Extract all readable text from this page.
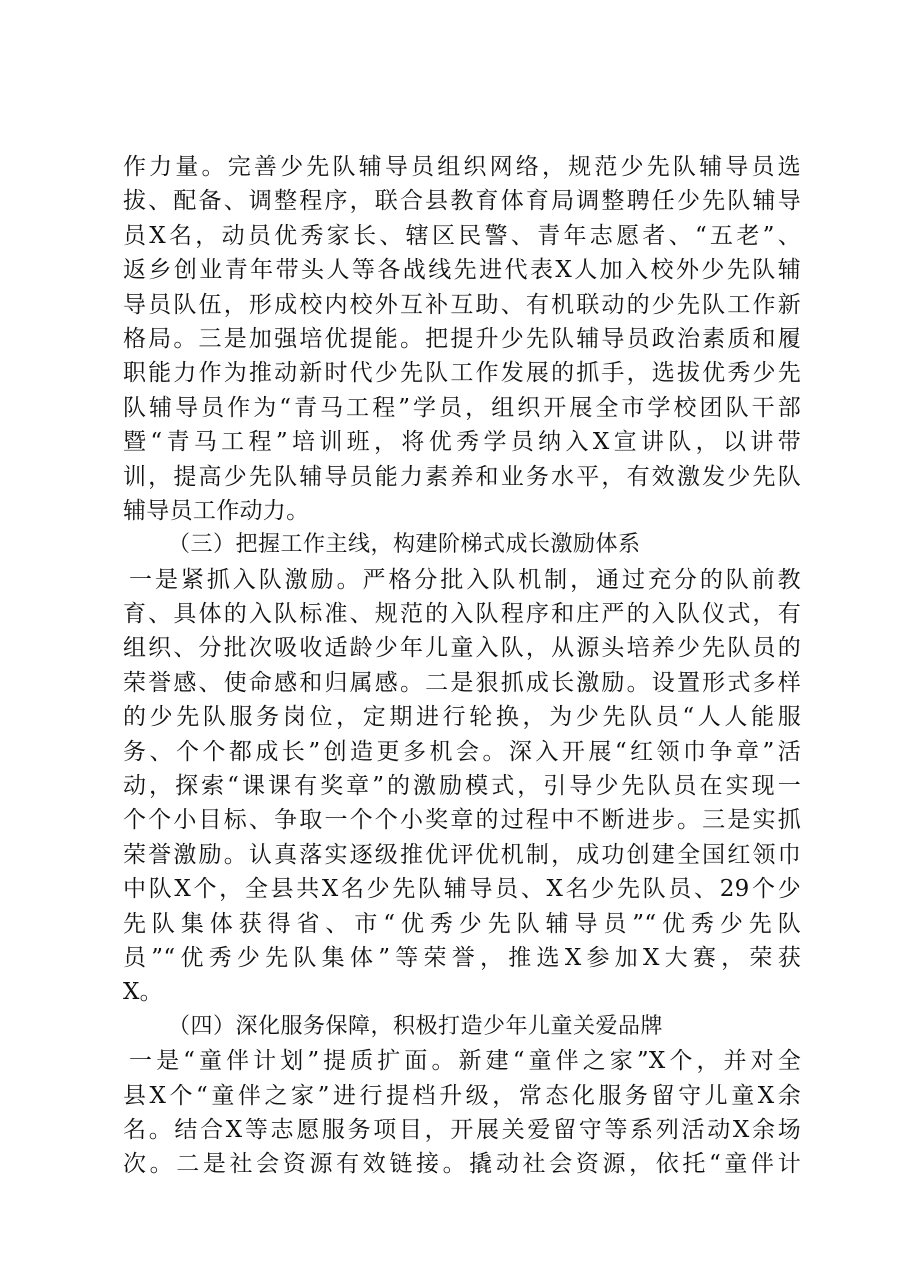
作力量。完善少先队辅导员组织网络，规范少先队辅导员选
拔、配备、调整程序，联合县教育体育局调整聘任少先队辅导
员X名，动员优秀家长、辖区民警、青年志愿者、“五老”、
返乡创业青年带头人等各战线先进代表X人加入校外少先队辅
导员队伍，形成校内校外互补互助、有机联动的少先队工作新
格局。三是加强培优提能。把提升少先队辅导员政治素质和履
职能力作为推动新时代少先队工作发展的抓手，选拔优秀少先
队辅导员作为“青马工程”学员，组织开展全市学校团队干部
暨“青马工程”培训班，将优秀学员纳入X宣讲队，以讲带
训，提高少先队辅导员能力素养和业务水平，有效激发少先队
辅导员工作动力。
（三）把握工作主线，构建阶梯式成长激励体系
一是紧抓入队激励。严格分批入队机制，通过充分的队前教
育、具体的入队标准、规范的入队程序和庄严的入队仪式，有
组织、分批次吸收适龄少年儿童入队，从源头培养少先队员的
荣誉感、使命感和归属感。二是狠抓成长激励。设置形式多样
的少先队服务岗位，定期进行轮换，为少先队员“人人能服
务、个个都成长”创造更多机会。深入开展“红领巾争章”活
动，探索“课课有奖章”的激励模式，引导少先队员在实现一
个个小目标、争取一个个小奖章的过程中不断进步。三是实抓
荣誉激励。认真落实逐级推优评优机制，成功创建全国红领巾
中队X个，全县共X名少先队辅导员、X名少先队员、29个少
先队集体获得省、市“优秀少先队辅导员”“优秀少先队
员”“优秀少先队集体”等荣誉，推选X参加X大赛，荣获
X。
（四）深化服务保障，积极打造少年儿童关爱品牌
一是“童伴计划”提质扩面。新建“童伴之家”X个，并对全
县X个“童伴之家”进行提档升级，常态化服务留守儿童X余
名。结合X等志愿服务项目，开展关爱留守等系列活动X余场
次。二是社会资源有效链接。撬动社会资源，依托“童伴计
